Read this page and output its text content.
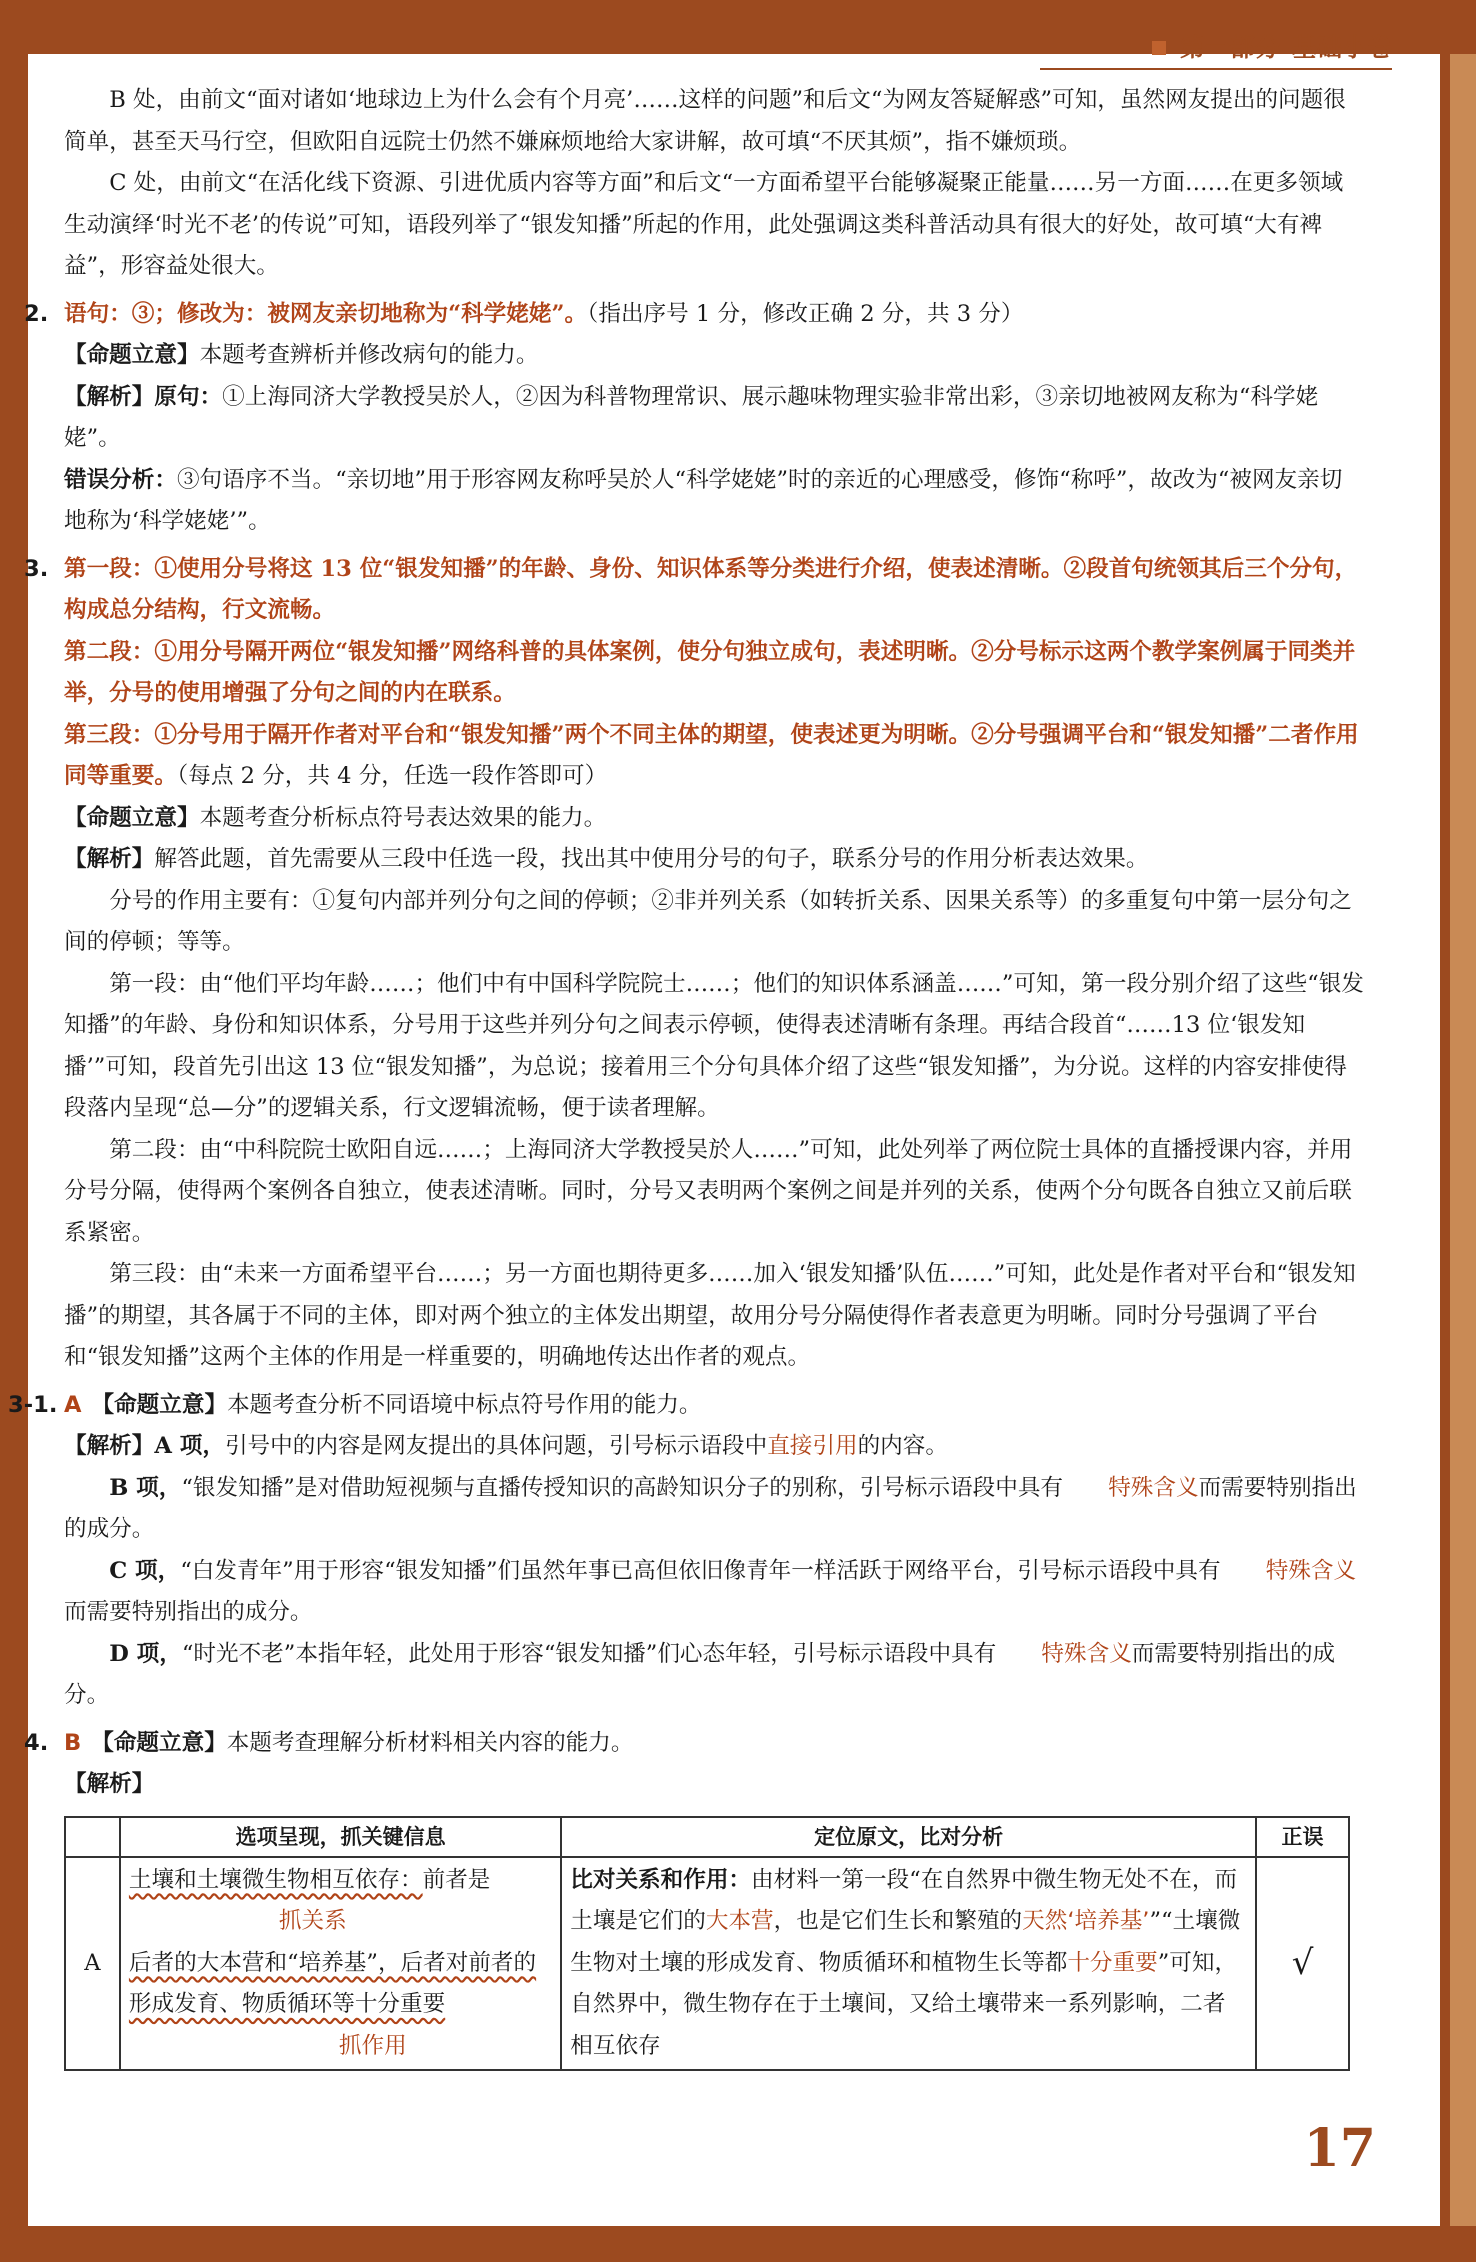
第一部分 基础小卷

B 处，由前文“面对诸如‘地球边上为什么会有个月亮’……这样的问题”和后文“为网友答疑解惑”可知，虽然网友提出的问题很简单，甚至天马行空，但欧阳自远院士仍然不嫌麻烦地给大家讲解，故可填“不厌其烦”，指不嫌烦琐。

C 处，由前文“在活化线下资源、引进优质内容等方面”和后文“一方面希望平台能够凝聚正能量……另一方面……在更多领域生动演绎‘时光不老’的传说”可知，语段列举了“银发知播”所起的作用，此处强调这类科普活动具有很大的好处，故可填“大有裨益”，形容益处很大。

2. 语句：③；修改为：被网友亲切地称为“科学姥姥”。（指出序号 1 分，修改正确 2 分，共 3 分）

【命题立意】本题考查辨析并修改病句的能力。

【解析】原句：①上海同济大学教授吴於人，②因为科普物理常识、展示趣味物理实验非常出彩，③亲切地被网友称为“科学姥姥”。

错误分析：③句语序不当。“亲切地”用于形容网友称呼吴於人“科学姥姥”时的亲近的心理感受，修饰“称呼”，故改为“被网友亲切地称为‘科学姥姥’”。

3. 第一段：①使用分号将这 13 位“银发知播”的年龄、身份、知识体系等分类进行介绍，使表述清晰。②段首句统领其后三个分句，构成总分结构，行文流畅。

第二段：①用分号隔开两位“银发知播”网络科普的具体案例，使分句独立成句，表述明晰。②分号标示这两个教学案例属于同类并举，分号的使用增强了分句之间的内在联系。

第三段：①分号用于隔开作者对平台和“银发知播”两个不同主体的期望，使表述更为明晰。②分号强调平台和“银发知播”二者作用同等重要。（每点 2 分，共 4 分，任选一段作答即可）

【命题立意】本题考查分析标点符号表达效果的能力。

【解析】解答此题，首先需要从三段中任选一段，找出其中使用分号的句子，联系分号的作用分析表达效果。

分号的作用主要有：①复句内部并列分句之间的停顿；②非并列关系（如转折关系、因果关系等）的多重复句中第一层分句之间的停顿；等等。

第一段：由“他们平均年龄……；他们中有中国科学院院士……；他们的知识体系涵盖……”可知，第一段分别介绍了这些“银发知播”的年龄、身份和知识体系，分号用于这些并列分句之间表示停顿，使得表述清晰有条理。再结合段首“……13 位‘银发知播’”可知，段首先引出这 13 位“银发知播”，为总说；接着用三个分句具体介绍了这些“银发知播”，为分说。这样的内容安排使得段落内呈现“总—分”的逻辑关系，行文逻辑流畅，便于读者理解。

第二段：由“中科院院士欧阳自远……；上海同济大学教授吴於人……”可知，此处列举了两位院士具体的直播授课内容，并用分号分隔，使得两个案例各自独立，使表述清晰。同时，分号又表明两个案例之间是并列的关系，使两个分句既各自独立又前后联系紧密。

第三段：由“未来一方面希望平台……；另一方面也期待更多……加入‘银发知播’队伍……”可知，此处是作者对平台和“银发知播”的期望，其各属于不同的主体，即对两个独立的主体发出期望，故用分号分隔使得作者表意更为明晰。同时分号强调了平台和“银发知播”这两个主体的作用是一样重要的，明确地传达出作者的观点。

3-1. A 【命题立意】本题考查分析不同语境中标点符号作用的能力。

【解析】A 项，引号中的内容是网友提出的具体问题，引号标示语段中直接引用的内容。

B 项，“银发知播”是对借助短视频与直播传授知识的高龄知识分子的别称，引号标示语段中具有 特殊含义而需要特别指出的成分。

C 项，“白发青年”用于形容“银发知播”们虽然年事已高但依旧像青年一样活跃于网络平台，引号标示语段中具有 特殊含义而需要特别指出的成分。

D 项，“时光不老”本指年轻，此处用于形容“银发知播”们心态年轻，引号标示语段中具有 特殊含义而需要特别指出的成分。

4. B 【命题立意】本题考查理解分析材料相关内容的能力。

【解析】

	选项呈现，抓关键信息	定位原文，比对分析	正误
A	土壤和土壤微生物相互依存：前者是
抓关系
后者的大本营和“培养基”，后者对前者的形成发育、物质循环等十分重要
抓作用	比对关系和作用：由材料一第一段“在自然界中微生物无处不在，而土壤是它们的大本营，也是它们生长和繁殖的天然‘培养基’”“土壤微生物对土壤的形成发育、物质循环和植物生长等都十分重要”可知，自然界中，微生物存在于土壤间，又给土壤带来一系列影响，二者相互依存	√
17
